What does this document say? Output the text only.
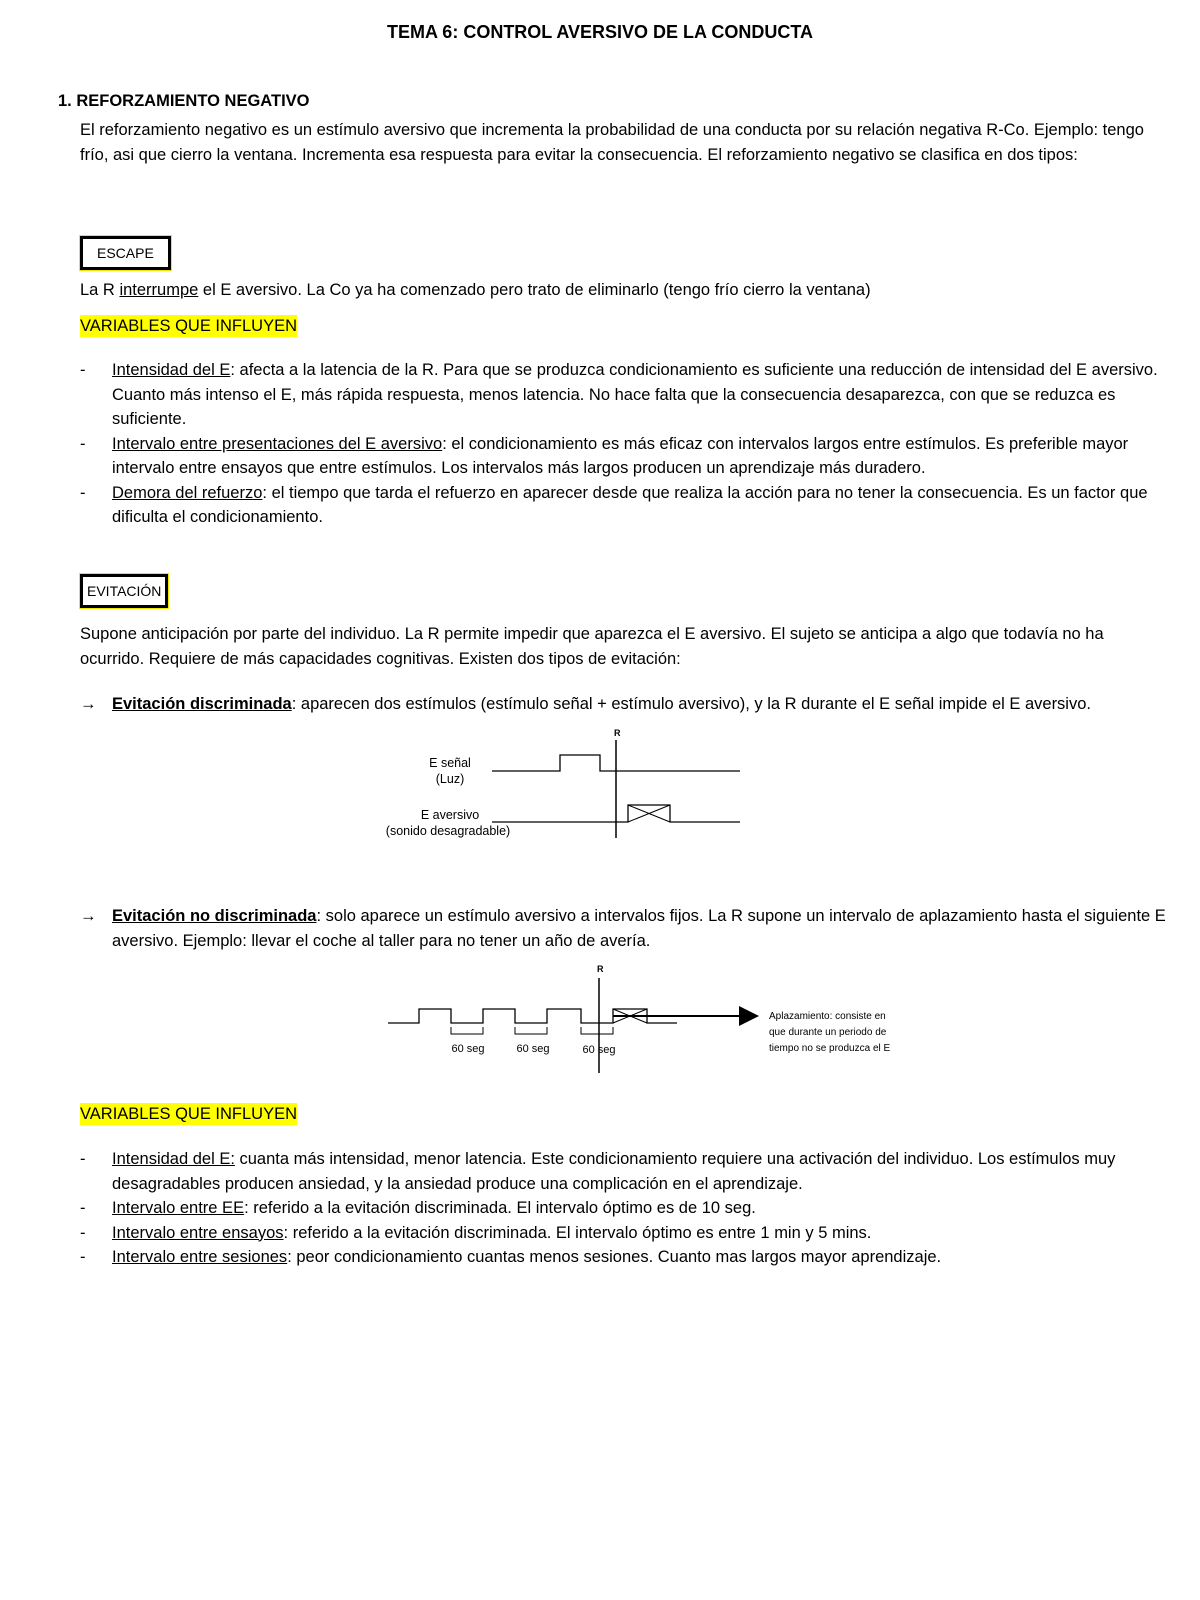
TEMA 6: CONTROL AVERSIVO DE LA CONDUCTA
1. REFORZAMIENTO NEGATIVO
El reforzamiento negativo es un estímulo aversivo que incrementa la probabilidad de una conducta por su relación negativa R-Co. Ejemplo: tengo frío, asi que cierro la ventana. Incrementa esa respuesta para evitar la consecuencia. El reforzamiento negativo se clasifica en dos tipos:
ESCAPE
La R interrumpe el E aversivo. La Co ya ha comenzado pero trato de eliminarlo (tengo frío cierro la ventana)
VARIABLES QUE INFLUYEN
- Intensidad del E: afecta a la latencia de la R. Para que se produzca condicionamiento es suficiente una reducción de intensidad del E aversivo. Cuanto más intenso el E, más rápida respuesta, menos latencia. No hace falta que la consecuencia desaparezca, con que se reduzca es suficiente.
- Intervalo entre presentaciones del E aversivo: el condicionamiento es más eficaz con intervalos largos entre estímulos. Es preferible mayor intervalo entre ensayos que entre estímulos. Los intervalos más largos producen un aprendizaje más duradero.
- Demora del refuerzo: el tiempo que tarda el refuerzo en aparecer desde que realiza la acción para no tener la consecuencia. Es un factor que dificulta el condicionamiento.
EVITACIÓN
Supone anticipación por parte del individuo. La R permite impedir que aparezca el E aversivo. El sujeto se anticipa a algo que todavía no ha ocurrido. Requiere de más capacidades cognitivas. Existen dos tipos de evitación:
→ Evitación discriminada: aparecen dos estímulos (estímulo señal + estímulo aversivo), y la R durante el E señal impide el E aversivo.
R
E señal
(Luz)
E aversivo
(sonido desagradable)
→ Evitación no discriminada: solo aparece un estímulo aversivo a intervalos fijos. La R supone un intervalo de aplazamiento hasta el siguiente E aversivo. Ejemplo: llevar el coche al taller para no tener un año de avería.
R
60 seg	60 seg	60 seg
Aplazamiento: consiste en
que durante un periodo de
tiempo no se produzca el E
VARIABLES QUE INFLUYEN
- Intensidad del E: cuanta más intensidad, menor latencia. Este condicionamiento requiere una activación del individuo. Los estímulos muy desagradables producen ansiedad, y la ansiedad produce una complicación en el aprendizaje.
- Intervalo entre EE: referido a la evitación discriminada. El intervalo óptimo es de 10 seg.
- Intervalo entre ensayos: referido a la evitación discriminada. El intervalo óptimo es entre 1 min y 5 mins.
- Intervalo entre sesiones: peor condicionamiento cuantas menos sesiones. Cuanto mas largos mayor aprendizaje.
